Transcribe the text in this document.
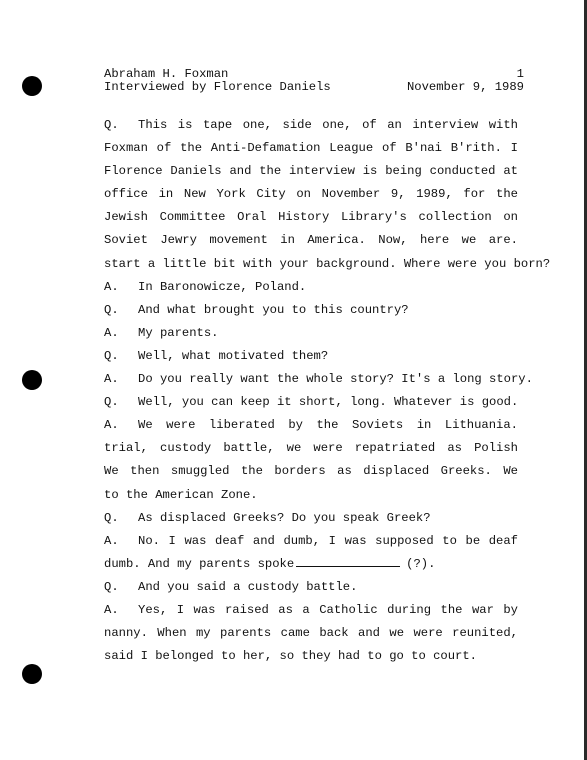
Abraham H. Foxman	1
Interviewed by Florence Daniels	November 9, 1989
Q. This is tape one, side one, of an interview with
Foxman of the Anti-Defamation League of B'nai B'rith. I
Florence Daniels and the interview is being conducted at
office in New York City on November 9, 1989, for the
Jewish Committee Oral History Library's collection on
Soviet Jewry movement in America. Now, here we are.
start a little bit with your background. Where were you born?
A. In Baronowicze, Poland.
Q. And what brought you to this country?
A. My parents.
Q. Well, what motivated them?
A. Do you really want the whole story? It's a long story.
Q. Well, you can keep it short, long. Whatever is good.
A. We were liberated by the Soviets in Lithuania.
trial, custody battle, we were repatriated as Polish
We then smuggled the borders as displaced Greeks. We
to the American Zone.
Q. As displaced Greeks? Do you speak Greek?
A. No. I was deaf and dumb, I was supposed to be deaf
dumb. And my parents spoke	(?).
Q. And you said a custody battle.
A. Yes, I was raised as a Catholic during the war by
nanny. When my parents came back and we were reunited,
said I belonged to her, so they had to go to court.
